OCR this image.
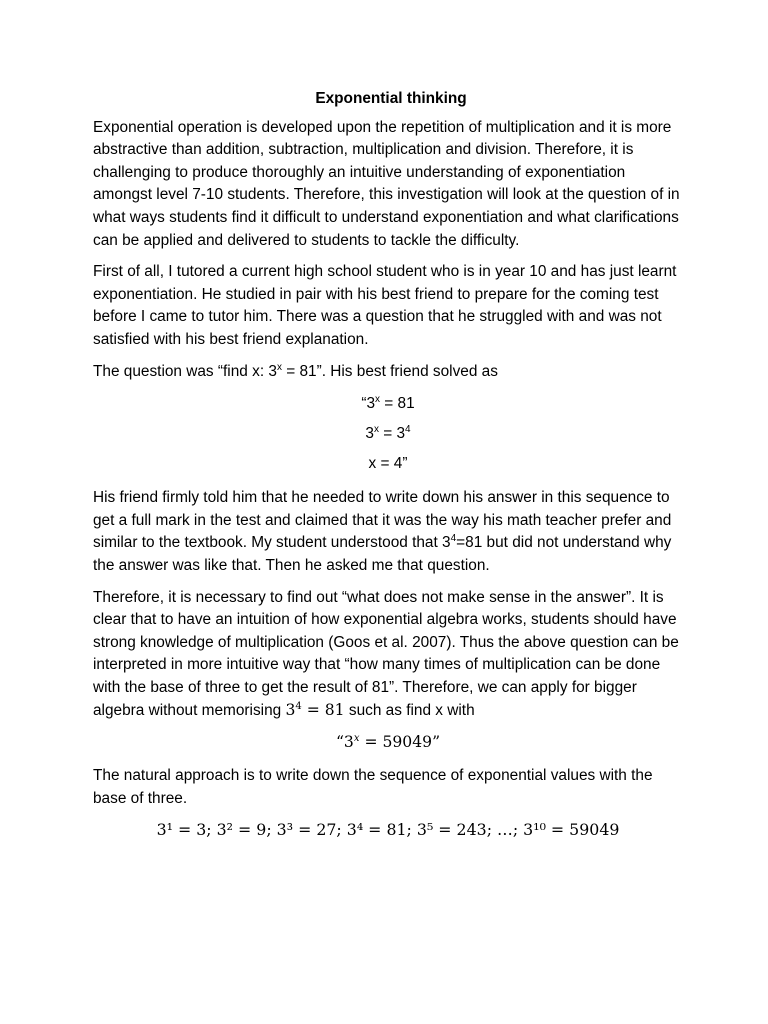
Exponential thinking

Exponential operation is developed upon the repetition of multiplication and it is more abstractive than addition, subtraction, multiplication and division. Therefore, it is challenging to produce thoroughly an intuitive understanding of exponentiation amongst level 7-10 students. Therefore, this investigation will look at the question of in what ways students find it difficult to understand exponentiation and what clarifications can be applied and delivered to students to tackle the difficulty.

First of all, I tutored a current high school student who is in year 10 and has just learnt exponentiation. He studied in pair with his best friend to prepare for the coming test before I came to tutor him. There was a question that he struggled with and was not satisfied with his best friend explanation.

The question was “find x: $3^x = 81$”. His best friend solved as

“$3^x = 81$
$3^x = 3^4$
x = 4”

His friend firmly told him that he needed to write down his answer in this sequence to get a full mark in the test and claimed that it was the way his math teacher prefer and similar to the textbook. My student understood that $3^4=81$ but did not understand why the answer was like that. Then he asked me that question.

Therefore, it is necessary to find out “what does not make sense in the answer”. It is clear that to have an intuition of how exponential algebra works, students should have strong knowledge of multiplication (Goos et al. 2007). Thus the above question can be interpreted in more intuitive way that “how many times of multiplication can be done with the base of three to get the result of 81”. Therefore, we can apply for bigger algebra without memorising $3^4 = 81$ such as find x with

“$3^x = 59049$”

The natural approach is to write down the sequence of exponential values with the base of three.

3¹ = 3; 3² = 9; 3³ = 27; 3⁴ = 81; 3⁵ = 243; …; 3¹⁰ = 59049
